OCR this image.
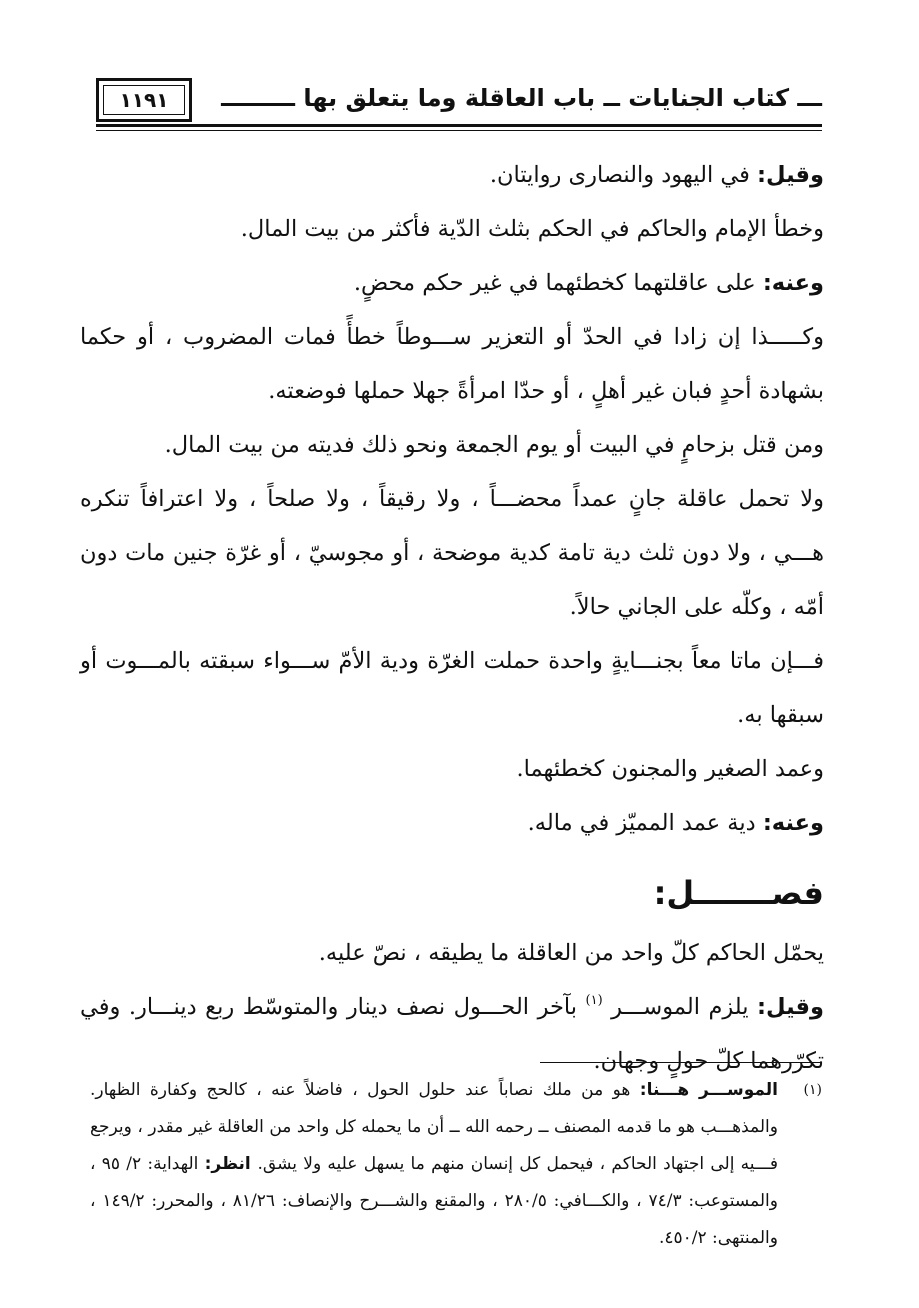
١١٩١ ـــ كتاب الجنايات ــ باب العاقلة وما يتعلق بها ـــــــــ

وقيل: في اليهود والنصارى روايتان.

وخطأ الإمام والحاكم في الحكم بثلث الدّية فأكثر من بيت المال.

وعنه: على عاقلتهما كخطئهما في غير حكم محضٍ.

وكـــــذا إن زادا في الحدّ أو التعزير ســـوطاً خطأً فمات المضروب ، أو حكما بشهادة أحدٍ فبان غير أهلٍ ، أو حدّا امرأةً جهلا حملها فوضعته.

ومن قتل بزحامٍ في البيت أو يوم الجمعة ونحو ذلك فديته من بيت المال.

ولا تحمل عاقلة جانٍ عمداً محضـــاً ، ولا رقيقاً ، ولا صلحاً ، ولا اعترافاً تنكره هـــي ، ولا دون ثلث دية تامة كدية موضحة ، أو مجوسيّ ، أو غرّة جنين مات دون أمّه ، وكلّه على الجاني حالاً.

فـــإن ماتا معاً بجنـــايةٍ واحدة حملت الغرّة ودية الأمّ ســـواء سبقته بالمـــوت أو سبقها به.

وعمد الصغير والمجنون كخطئهما.

وعنه: دية عمد المميّز في ماله.

فصـــــــل:

يحمّل الحاكم كلّ واحد من العاقلة ما يطيقه ، نصّ عليه.

وقيل: يلزم الموســـر $^{(١)}$ بآخر الحـــول نصف دينار والمتوسّط ربع دينـــار. وفي تكرّرهما كلّ حولٍ وجهان.

(١)
الموســـر هـــنا: هو من ملك نصاباً عند حلول الحول ، فاضلاً عنه ، كالحج وكفارة الظهار. والمذهـــب هو ما قدمه المصنف ــ رحمه الله ــ أن ما يحمله كل واحد من العاقلة غير مقدر ، ويرجع فـــيه إلى اجتهاد الحاكم ، فيحمل كل إنسان منهم ما يسهل عليه ولا يشق. انظر: الهداية: ٢/ ٩٥ ، والمستوعب: ٧٤/٣ ، والكـــافي: ٢٨٠/٥ ، والمقنع والشـــرح والإنصاف: ٨١/٢٦ ، والمحرر: ١٤٩/٢ ، والمنتهى: ٤٥٠/٢.
